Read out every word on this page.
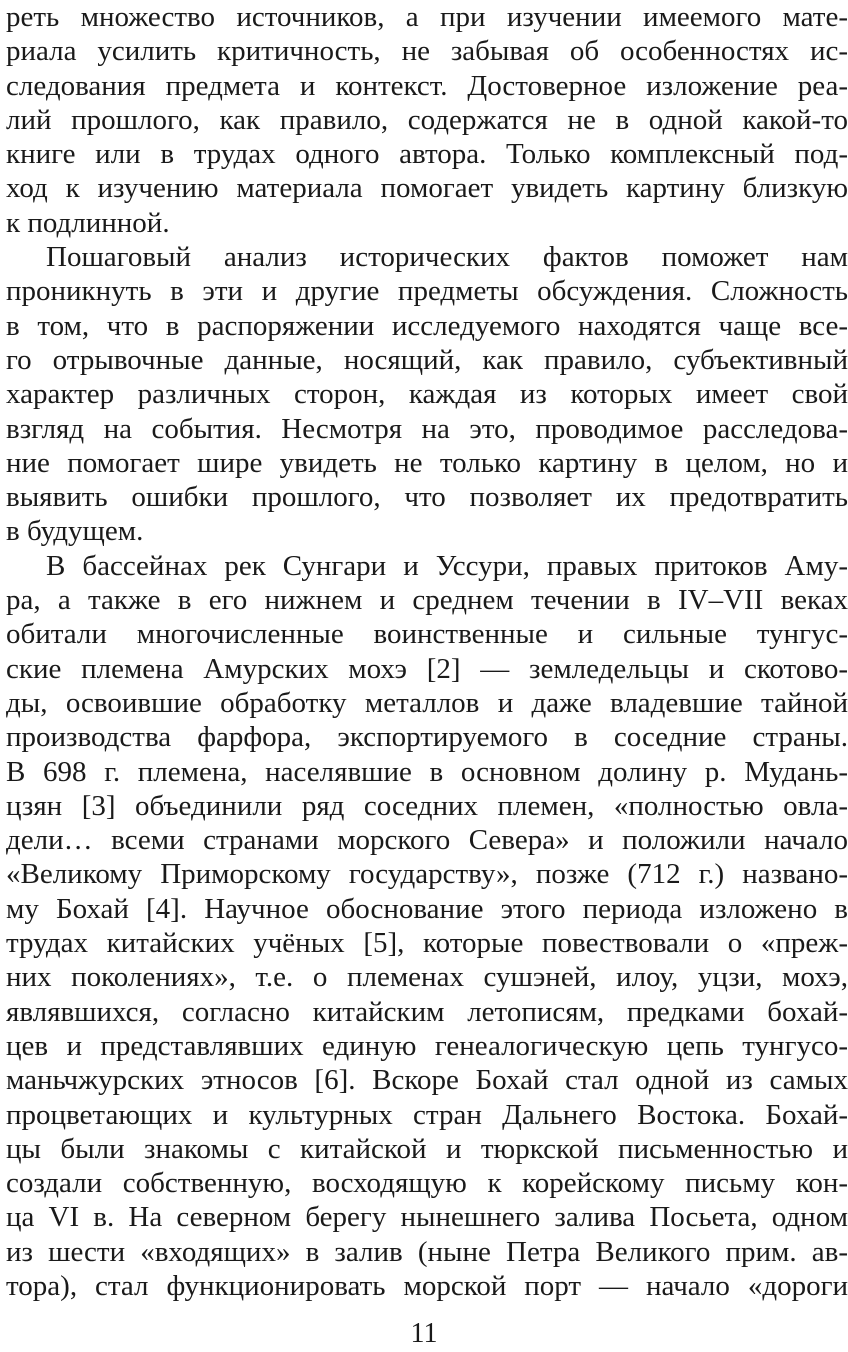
реть множество источников, а при изучении имеемого мате-
риала усилить критичность, не забывая об особенностях ис-
следования предмета и контекст. Достоверное изложение реа-
лий прошлого, как правило, содержатся не в одной какой-то
книге или в трудах одного автора. Только комплексный под-
ход к изучению материала помогает увидеть картину близкую
к подлинной.
Пошаговый анализ исторических фактов поможет нам
проникнуть в эти и другие предметы обсуждения. Сложность
в том, что в распоряжении исследуемого находятся чаще все-
го отрывочные данные, носящий, как правило, субъективный
характер различных сторон, каждая из которых имеет свой
взгляд на события. Несмотря на это, проводимое расследова-
ние помогает шире увидеть не только картину в целом, но и
выявить ошибки прошлого, что позволяет их предотвратить
в будущем.
В бассейнах рек Сунгари и Уссури, правых притоков Аму-
ра, а также в его нижнем и среднем течении в IV–VII веках
обитали многочисленные воинственные и сильные тунгус-
ские племена Амурских мохэ [2] — земледельцы и скотово-
ды, освоившие обработку металлов и даже владевшие тайной
производства фарфора, экспортируемого в соседние страны.
В 698 г. племена, населявшие в основном долину р. Мудань-
цзян [3] объединили ряд соседних племен, «полностью овла-
дели… всеми странами морского Севера» и положили начало
«Великому Приморскому государству», позже (712 г.) названо-
му Бохай [4]. Научное обоснование этого периода изложено в
трудах китайских учёных [5], которые повествовали о «преж-
них поколениях», т.е. о племенах сушэней, илоу, уцзи, мохэ,
являвшихся, согласно китайским летописям, предками бохай-
цев и представлявших единую генеалогическую цепь тунгусо-
маньчжурских этносов [6]. Вскоре Бохай стал одной из самых
процветающих и культурных стран Дальнего Востока. Бохай-
цы были знакомы с китайской и тюркской письменностью и
создали собственную, восходящую к корейскому письму кон-
ца VI в. На северном берегу нынешнего залива Посьета, одном
из шести «входящих» в залив (ныне Петра Великого прим. ав-
тора), стал функционировать морской порт — начало «дороги
11
